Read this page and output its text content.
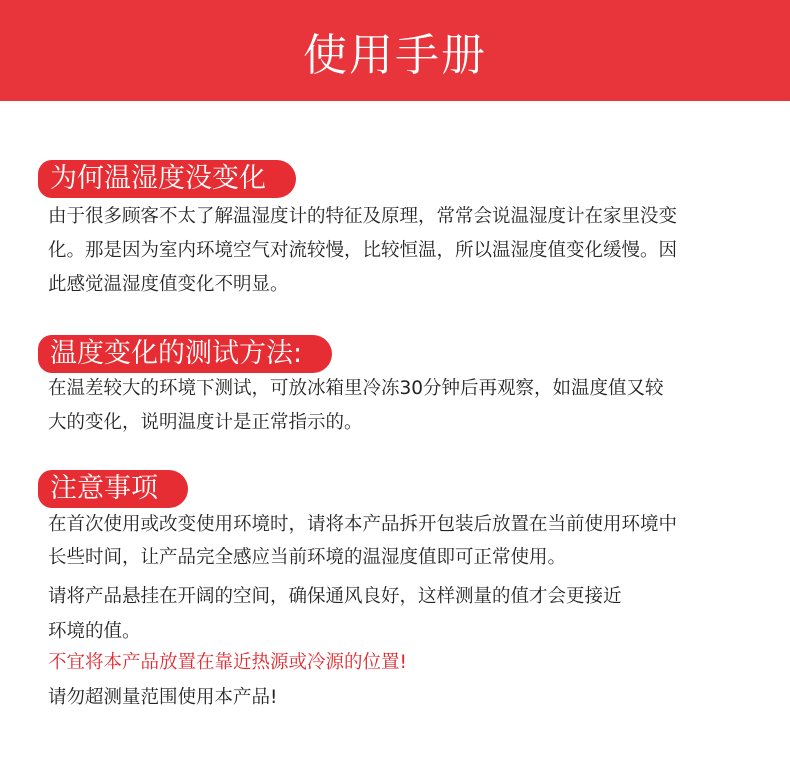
使用手册
为何温湿度没变化
由于很多顾客不太了解温湿度计的特征及原理，常常会说温湿度计在家里没变
化。那是因为室内环境空气对流较慢，比较恒温，所以温湿度值变化缓慢。因
此感觉温湿度值变化不明显。
温度变化的测试方法:
在温差较大的环境下测试，可放冰箱里冷冻30分钟后再观察，如温度值又较
大的变化，说明温度计是正常指示的。
注意事项
在首次使用或改变使用环境时，请将本产品拆开包装后放置在当前使用环境中
长些时间，让产品完全感应当前环境的温湿度值即可正常使用。
请将产品悬挂在开阔的空间，确保通风良好，这样测量的值才会更接近
环境的值。
不宜将本产品放置在靠近热源或冷源的位置!
请勿超测量范围使用本产品!
